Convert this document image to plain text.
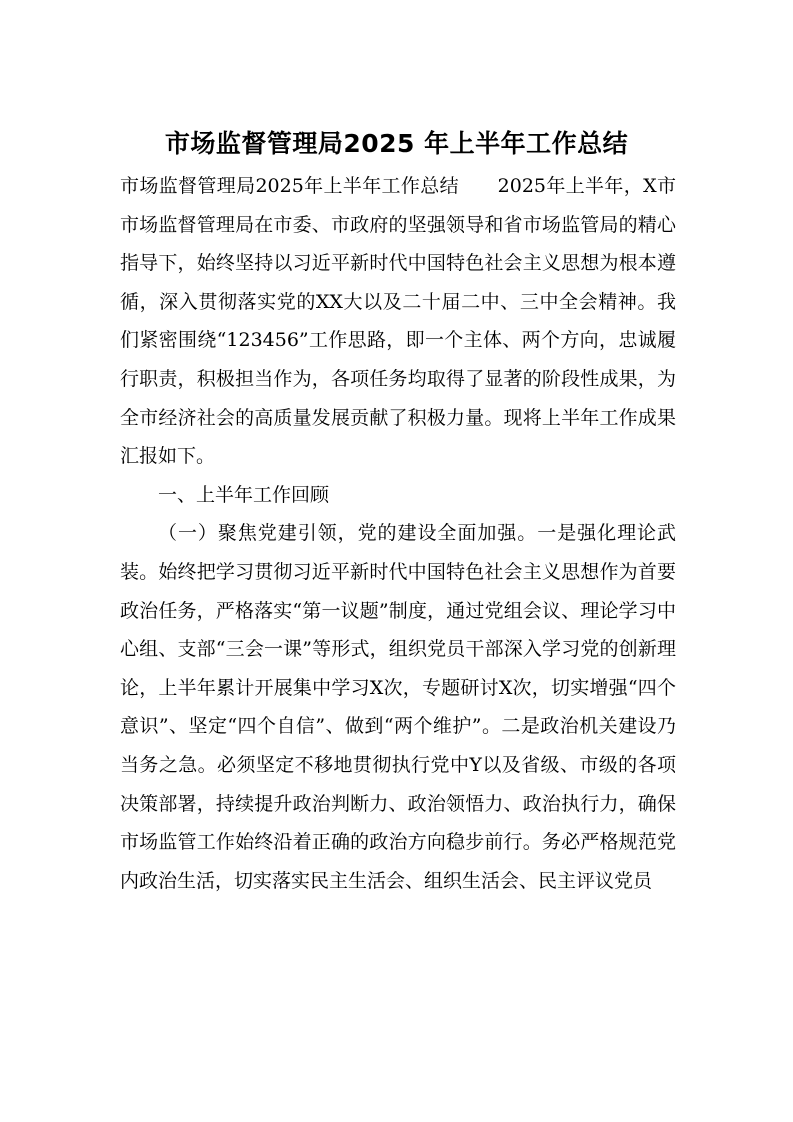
市场监督管理局2025 年上半年工作总结

市场监督管理局2025年上半年工作总结　　2025年上半年，X市市场监督管理局在市委、市政府的坚强领导和省市场监管局的精心指导下，始终坚持以习近平新时代中国特色社会主义思想为根本遵循，深入贯彻落实党的XX大以及二十届二中、三中全会精神。我们紧密围绕“123456”工作思路，即一个主体、两个方向，忠诚履行职责，积极担当作为，各项任务均取得了显著的阶段性成果，为全市经济社会的高质量发展贡献了积极力量。现将上半年工作成果汇报如下。

一、上半年工作回顾

（一）聚焦党建引领，党的建设全面加强。一是强化理论武装。始终把学习贯彻习近平新时代中国特色社会主义思想作为首要政治任务，严格落实“第一议题”制度，通过党组会议、理论学习中心组、支部“三会一课”等形式，组织党员干部深入学习党的创新理论，上半年累计开展集中学习X次，专题研讨X次，切实增强“四个意识”、坚定“四个自信”、做到“两个维护”。二是政治机关建设乃当务之急。必须坚定不移地贯彻执行党中Y以及省级、市级的各项决策部署，持续提升政治判断力、政治领悟力、政治执行力，确保市场监管工作始终沿着正确的政治方向稳步前行。务必严格规范党内政治生活，切实落实民主生活会、组织生活会、民主评议党员
